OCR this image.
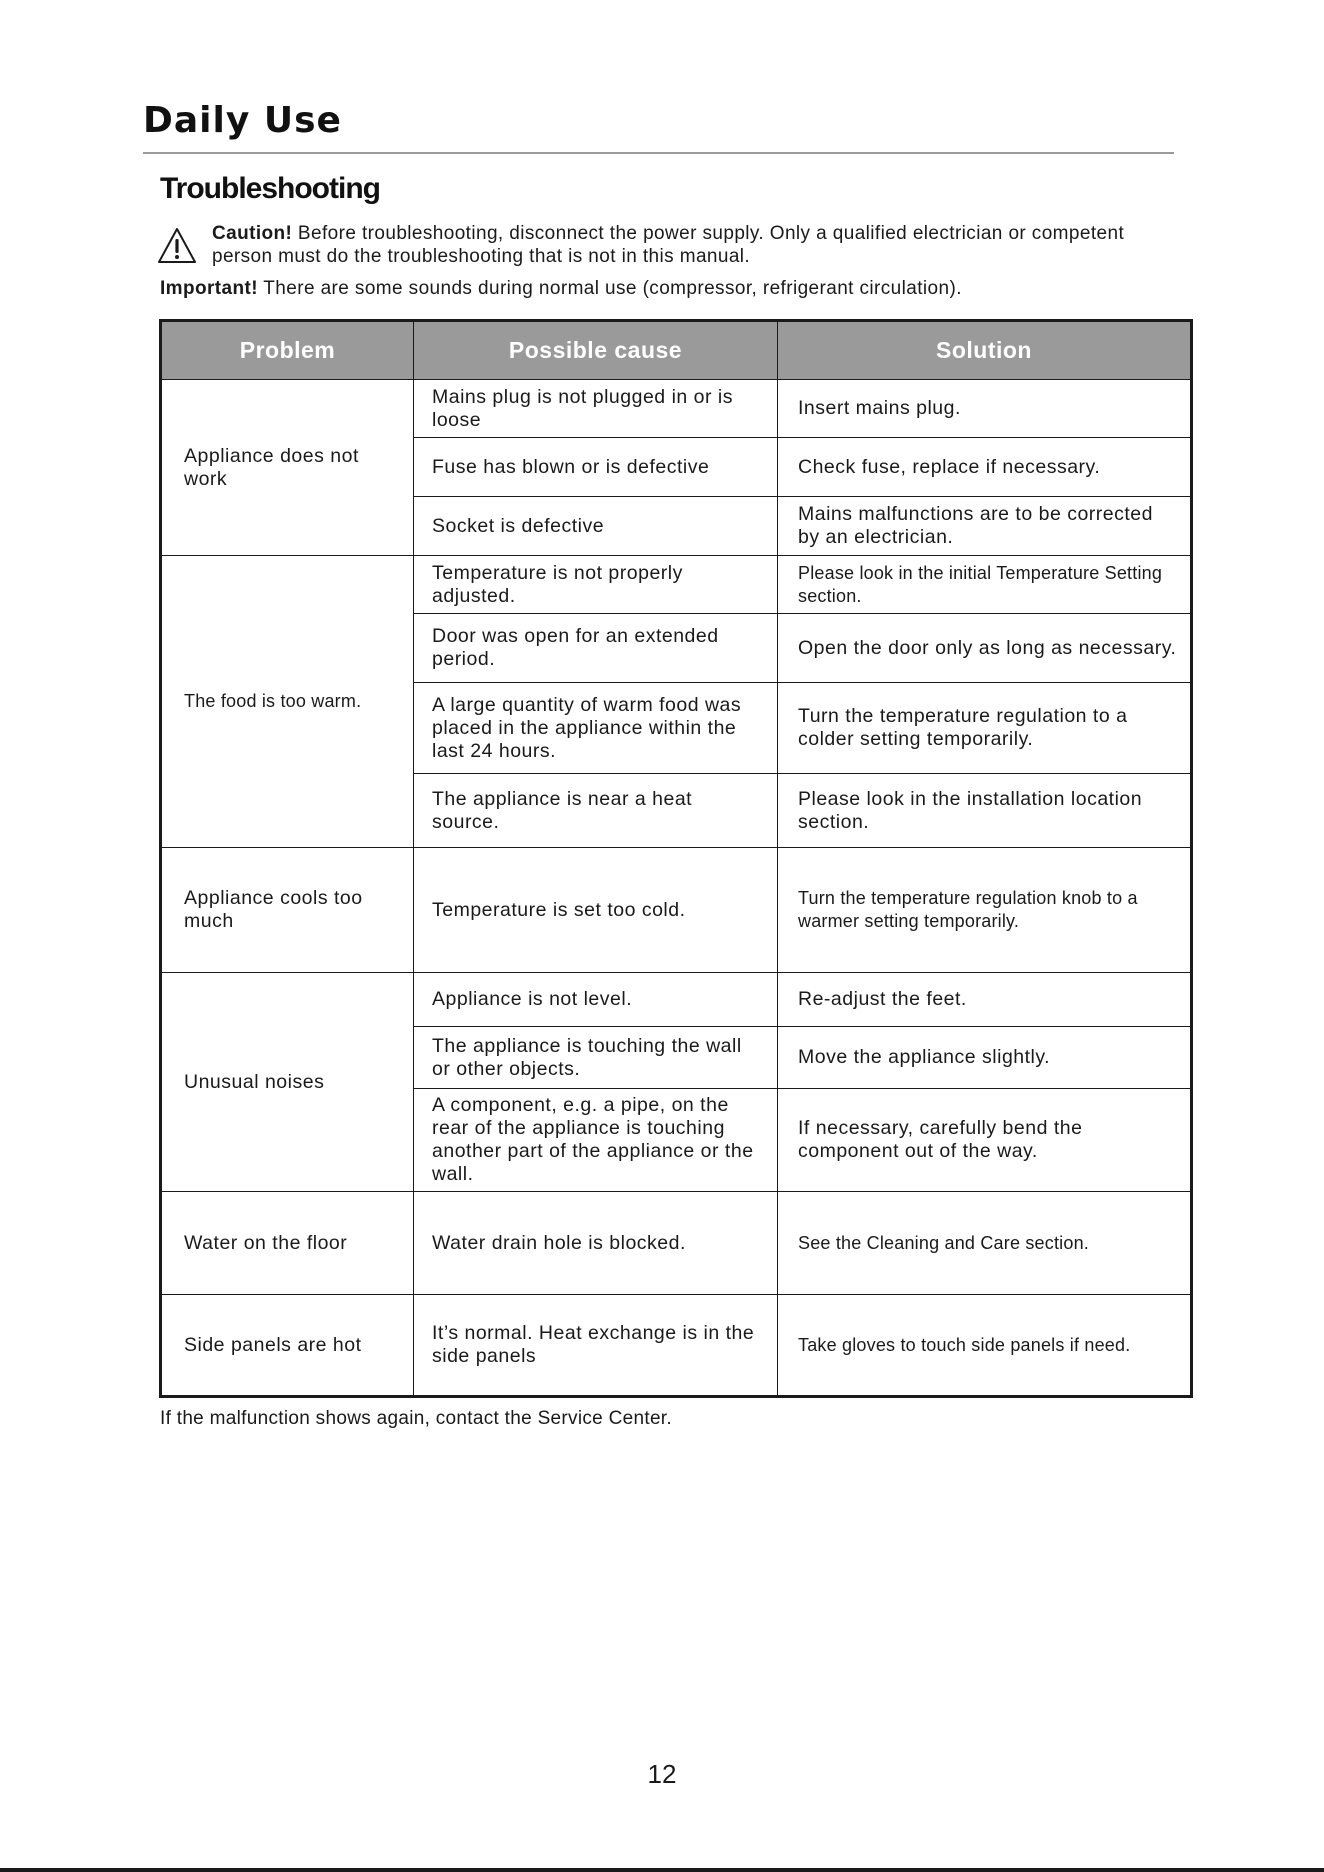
Daily Use
Troubleshooting
Caution! Before troubleshooting, disconnect the power supply. Only a qualified electrician or competent person must do the troubleshooting that is not in this manual.
Important! There are some sounds during normal use (compressor, refrigerant circulation).
Problem	Possible cause	Solution
Appliance does not work	Mains plug is not plugged in or is loose	Insert mains plug.
	Fuse has blown or is defective	Check fuse, replace if necessary.
	Socket is defective	Mains malfunctions are to be corrected by an electrician.
The food is too warm.	Temperature is not properly adjusted.	Please look in the initial Temperature Setting section.
	Door was open for an extended period.	Open the door only as long as necessary.
	A large quantity of warm food was placed in the appliance within the last 24 hours.	Turn the temperature regulation to a colder setting temporarily.
	The appliance is near a heat source.	Please look in the installation location section.
Appliance cools too much	Temperature is set too cold.	Turn the temperature regulation knob to a warmer setting temporarily.
Unusual noises	Appliance is not level.	Re-adjust the feet.
	The appliance is touching the wall or other objects.	Move the appliance slightly.
	A component, e.g. a pipe, on the rear of the appliance is touching another part of the appliance or the wall.	If necessary, carefully bend the component out of the way.
Water on the floor	Water drain hole is blocked.	See the Cleaning and Care section.
Side panels are hot	It’s normal. Heat exchange is in the side panels	Take gloves to touch side panels if need.
If the malfunction shows again, contact the Service Center.
12
